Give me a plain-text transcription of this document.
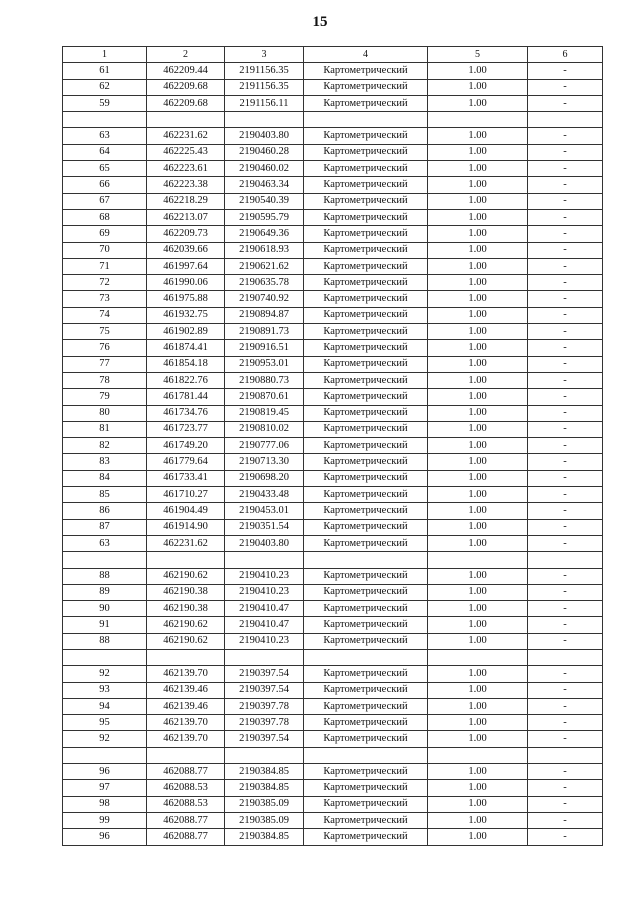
15
1	2	3	4	5	6
61	462209.44	2191156.35	Картометрический	1.00	-
62	462209.68	2191156.35	Картометрический	1.00	-
59	462209.68	2191156.11	Картометрический	1.00	-

63	462231.62	2190403.80	Картометрический	1.00	-
64	462225.43	2190460.28	Картометрический	1.00	-
65	462223.61	2190460.02	Картометрический	1.00	-
66	462223.38	2190463.34	Картометрический	1.00	-
67	462218.29	2190540.39	Картометрический	1.00	-
68	462213.07	2190595.79	Картометрический	1.00	-
69	462209.73	2190649.36	Картометрический	1.00	-
70	462039.66	2190618.93	Картометрический	1.00	-
71	461997.64	2190621.62	Картометрический	1.00	-
72	461990.06	2190635.78	Картометрический	1.00	-
73	461975.88	2190740.92	Картометрический	1.00	-
74	461932.75	2190894.87	Картометрический	1.00	-
75	461902.89	2190891.73	Картометрический	1.00	-
76	461874.41	2190916.51	Картометрический	1.00	-
77	461854.18	2190953.01	Картометрический	1.00	-
78	461822.76	2190880.73	Картометрический	1.00	-
79	461781.44	2190870.61	Картометрический	1.00	-
80	461734.76	2190819.45	Картометрический	1.00	-
81	461723.77	2190810.02	Картометрический	1.00	-
82	461749.20	2190777.06	Картометрический	1.00	-
83	461779.64	2190713.30	Картометрический	1.00	-
84	461733.41	2190698.20	Картометрический	1.00	-
85	461710.27	2190433.48	Картометрический	1.00	-
86	461904.49	2190453.01	Картометрический	1.00	-
87	461914.90	2190351.54	Картометрический	1.00	-
63	462231.62	2190403.80	Картометрический	1.00	-

88	462190.62	2190410.23	Картометрический	1.00	-
89	462190.38	2190410.23	Картометрический	1.00	-
90	462190.38	2190410.47	Картометрический	1.00	-
91	462190.62	2190410.47	Картометрический	1.00	-
88	462190.62	2190410.23	Картометрический	1.00	-

92	462139.70	2190397.54	Картометрический	1.00	-
93	462139.46	2190397.54	Картометрический	1.00	-
94	462139.46	2190397.78	Картометрический	1.00	-
95	462139.70	2190397.78	Картометрический	1.00	-
92	462139.70	2190397.54	Картометрический	1.00	-

96	462088.77	2190384.85	Картометрический	1.00	-
97	462088.53	2190384.85	Картометрический	1.00	-
98	462088.53	2190385.09	Картометрический	1.00	-
99	462088.77	2190385.09	Картометрический	1.00	-
96	462088.77	2190384.85	Картометрический	1.00	-
